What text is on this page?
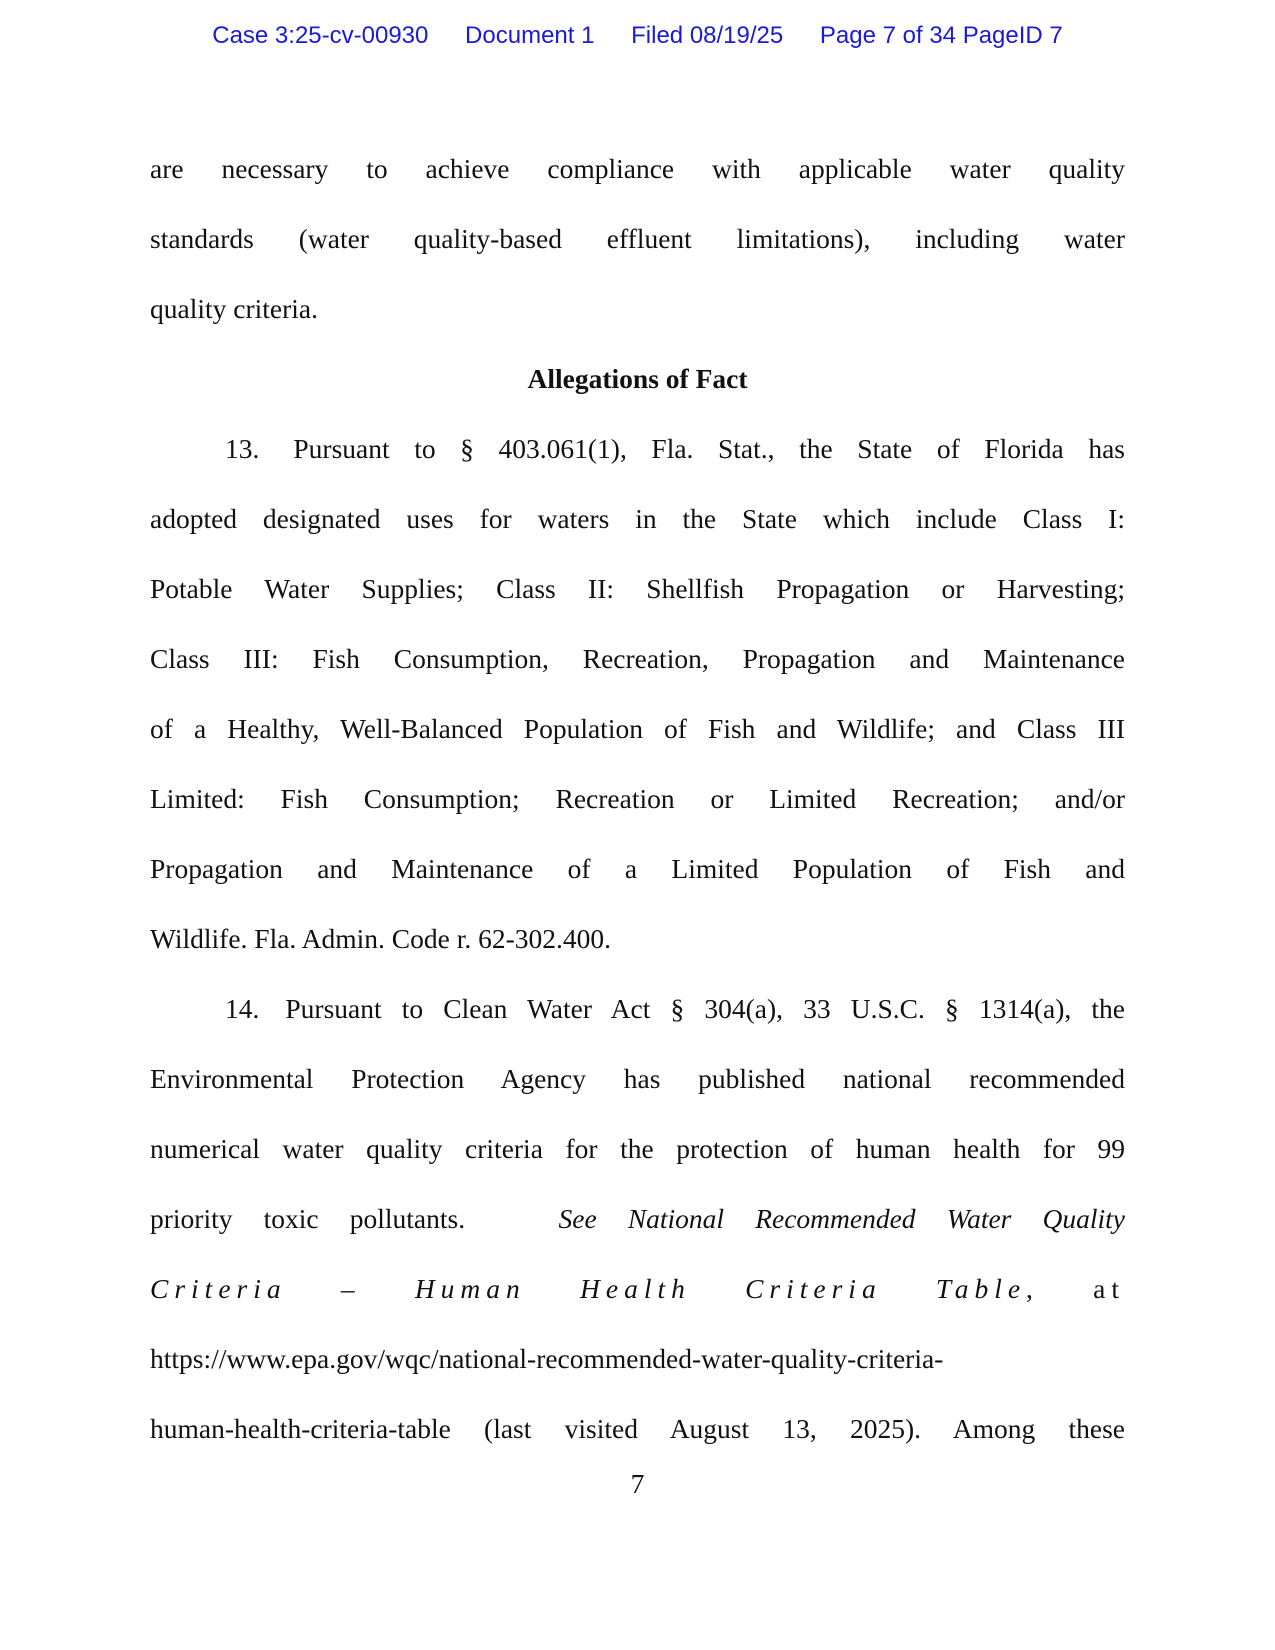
Case 3:25-cv-00930 Document 1 Filed 08/19/25 Page 7 of 34 PageID 7
are necessary to achieve compliance with applicable water quality
standards (water quality-based effluent limitations), including water
quality criteria.
Allegations of Fact
13. Pursuant to § 403.061(1), Fla. Stat., the State of Florida has
adopted designated uses for waters in the State which include Class I:
Potable Water Supplies; Class II: Shellfish Propagation or Harvesting;
Class III: Fish Consumption, Recreation, Propagation and Maintenance
of a Healthy, Well-Balanced Population of Fish and Wildlife; and Class III
Limited: Fish Consumption; Recreation or Limited Recreation; and/or
Propagation and Maintenance of a Limited Population of Fish and
Wildlife. Fla. Admin. Code r. 62-302.400.
14. Pursuant to Clean Water Act § 304(a), 33 U.S.C. § 1314(a), the
Environmental Protection Agency has published national recommended
numerical water quality criteria for the protection of human health for 99
priority toxic pollutants.	See National Recommended Water Quality
Criteria – Human Health Criteria Table, at
https://www.epa.gov/wqc/national-recommended-water-quality-criteria-
human-health-criteria-table (last visited August 13, 2025). Among these
7
